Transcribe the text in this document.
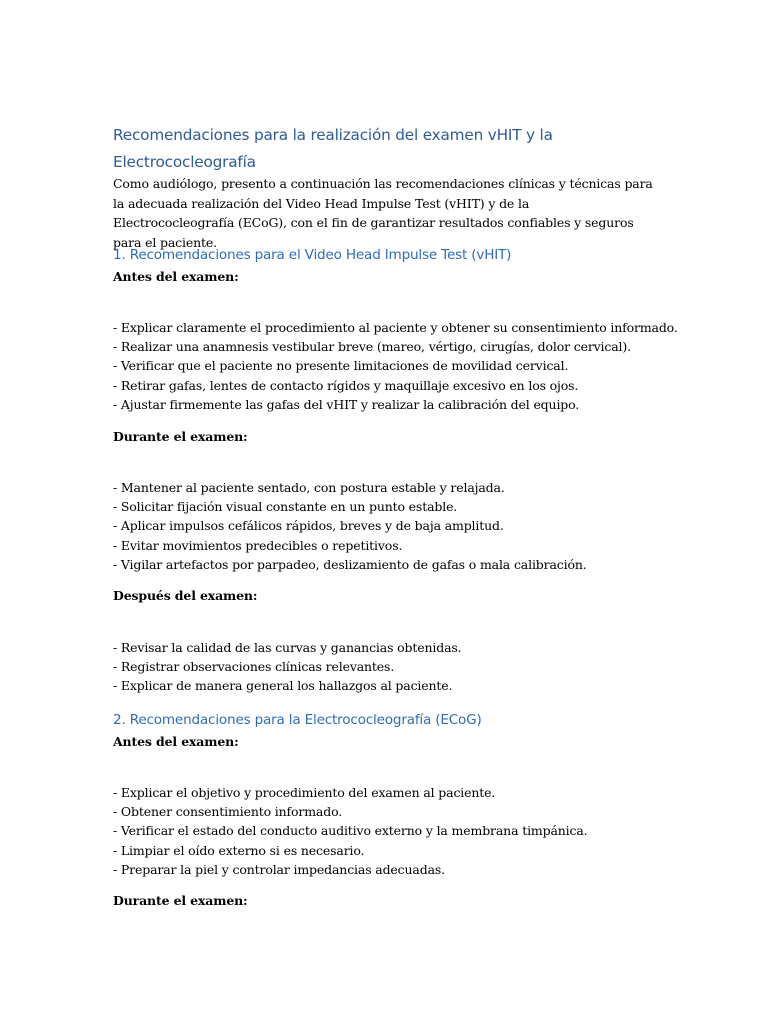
Recomendaciones para la realización del examen vHIT y la Electrococleografía

Como audiólogo, presento a continuación las recomendaciones clínicas y técnicas para la adecuada realización del Video Head Impulse Test (vHIT) y de la Electrococleografía (ECoG), con el fin de garantizar resultados confiables y seguros para el paciente.

1. Recomendaciones para el Video Head Impulse Test (vHIT)

Antes del examen:

- Explicar claramente el procedimiento al paciente y obtener su consentimiento informado.
- Realizar una anamnesis vestibular breve (mareo, vértigo, cirugías, dolor cervical).
- Verificar que el paciente no presente limitaciones de movilidad cervical.
- Retirar gafas, lentes de contacto rígidos y maquillaje excesivo en los ojos.
- Ajustar firmemente las gafas del vHIT y realizar la calibración del equipo.

Durante el examen:

- Mantener al paciente sentado, con postura estable y relajada.
- Solicitar fijación visual constante en un punto estable.
- Aplicar impulsos cefálicos rápidos, breves y de baja amplitud.
- Evitar movimientos predecibles o repetitivos.
- Vigilar artefactos por parpadeo, deslizamiento de gafas o mala calibración.

Después del examen:

- Revisar la calidad de las curvas y ganancias obtenidas.
- Registrar observaciones clínicas relevantes.
- Explicar de manera general los hallazgos al paciente.
2. Recomendaciones para la Electrococleografía (ECoG)

Antes del examen:

- Explicar el objetivo y procedimiento del examen al paciente.
- Obtener consentimiento informado.
- Verificar el estado del conducto auditivo externo y la membrana timpánica.
- Limpiar el oído externo si es necesario.
- Preparar la piel y controlar impedancias adecuadas.

Durante el examen:
